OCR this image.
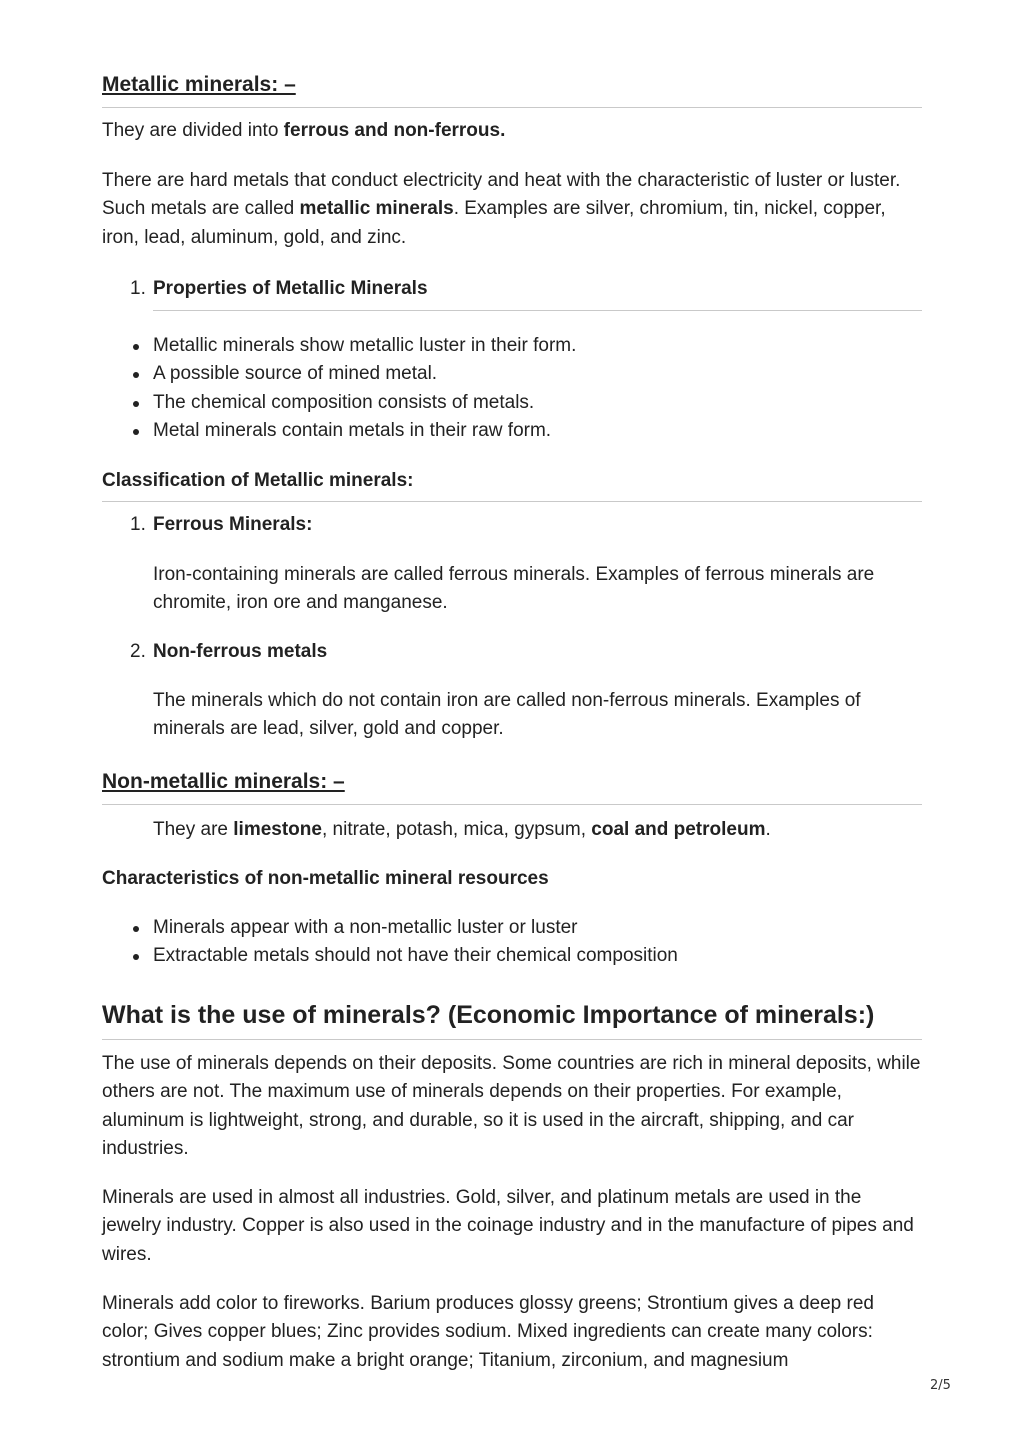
Metallic minerals: –

They are divided into ferrous and non-ferrous.

There are hard metals that conduct electricity and heat with the characteristic of luster or luster. Such metals are called metallic minerals. Examples are silver, chromium, tin, nickel, copper, iron, lead, aluminum, gold, and zinc.

1. Properties of Metallic Minerals
Metallic minerals show metallic luster in their form.
A possible source of mined metal.
The chemical composition consists of metals.
Metal minerals contain metals in their raw form.
Classification of Metallic minerals:
1. Ferrous Minerals:

Iron-containing minerals are called ferrous minerals. Examples of ferrous minerals are chromite, iron ore and manganese.

2. Non-ferrous metals

The minerals which do not contain iron are called non-ferrous minerals. Examples of minerals are lead, silver, gold and copper.

Non-metallic minerals: –

They are limestone, nitrate, potash, mica, gypsum, coal and petroleum.

Characteristics of non-metallic mineral resources
Minerals appear with a non-metallic luster or luster
Extractable metals should not have their chemical composition
What is the use of minerals? (Economic Importance of minerals:)

The use of minerals depends on their deposits. Some countries are rich in mineral deposits, while others are not. The maximum use of minerals depends on their properties. For example, aluminum is lightweight, strong, and durable, so it is used in the aircraft, shipping, and car industries.

Minerals are used in almost all industries. Gold, silver, and platinum metals are used in the jewelry industry. Copper is also used in the coinage industry and in the manufacture of pipes and wires.

Minerals add color to fireworks. Barium produces glossy greens; Strontium gives a deep red color; Gives copper blues; Zinc provides sodium. Mixed ingredients can create many colors: strontium and sodium make a bright orange; Titanium, zirconium, and magnesium

2/5
